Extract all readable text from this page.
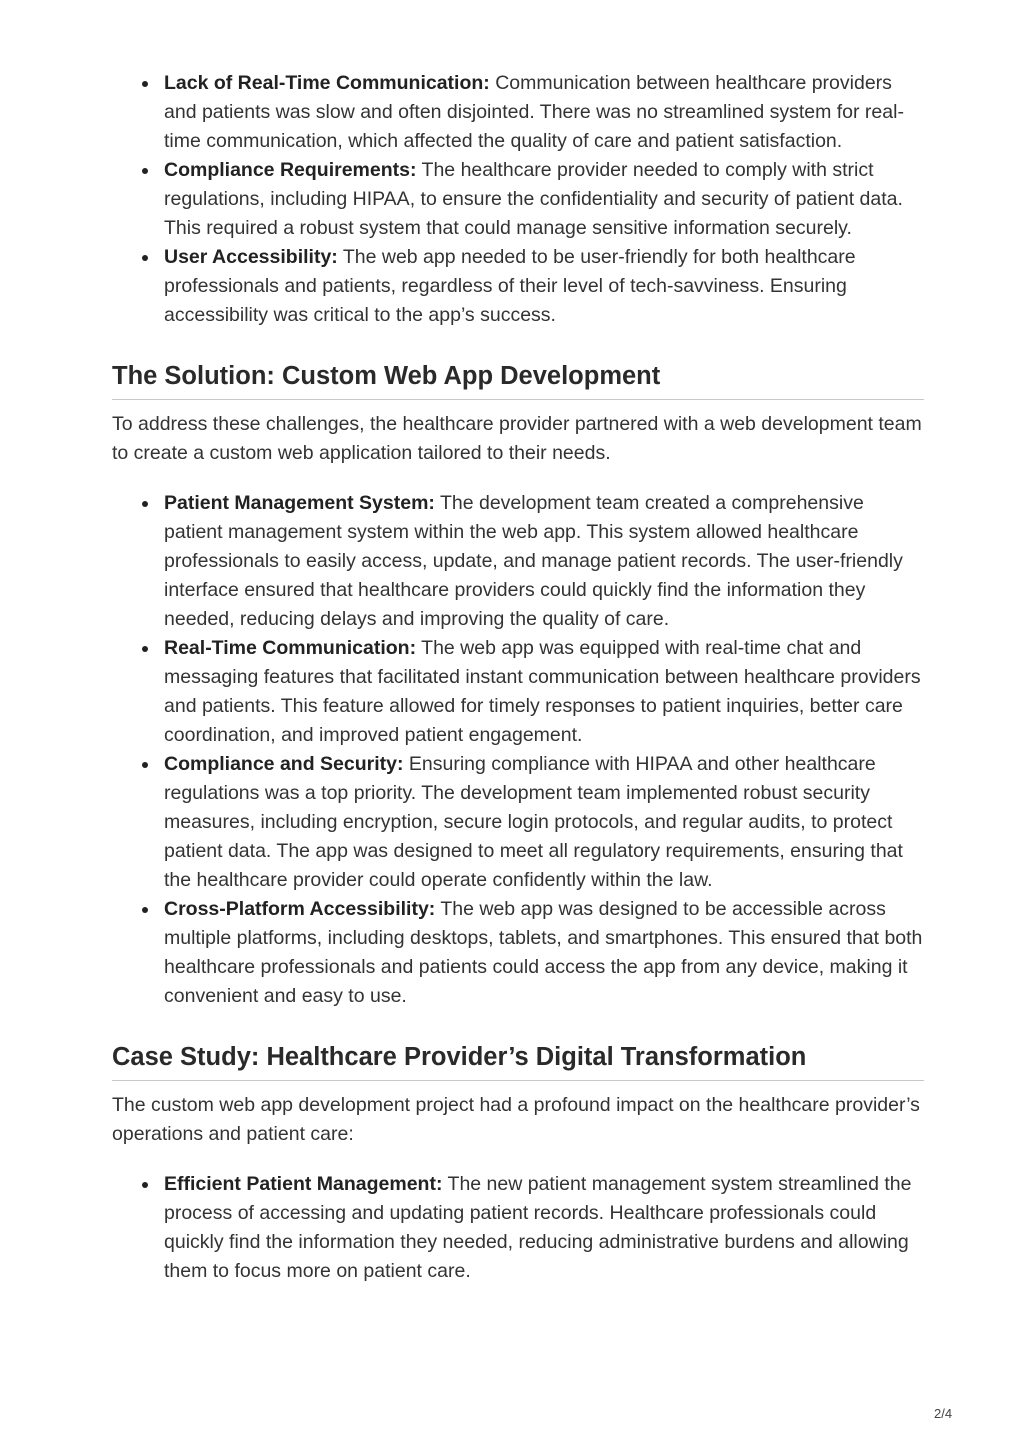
Lack of Real-Time Communication: Communication between healthcare providers and patients was slow and often disjointed. There was no streamlined system for real-time communication, which affected the quality of care and patient satisfaction.
Compliance Requirements: The healthcare provider needed to comply with strict regulations, including HIPAA, to ensure the confidentiality and security of patient data. This required a robust system that could manage sensitive information securely.
User Accessibility: The web app needed to be user-friendly for both healthcare professionals and patients, regardless of their level of tech-savviness. Ensuring accessibility was critical to the app’s success.
The Solution: Custom Web App Development

To address these challenges, the healthcare provider partnered with a web development team to create a custom web application tailored to their needs.

Patient Management System: The development team created a comprehensive patient management system within the web app. This system allowed healthcare professionals to easily access, update, and manage patient records. The user-friendly interface ensured that healthcare providers could quickly find the information they needed, reducing delays and improving the quality of care.
Real-Time Communication: The web app was equipped with real-time chat and messaging features that facilitated instant communication between healthcare providers and patients. This feature allowed for timely responses to patient inquiries, better care coordination, and improved patient engagement.
Compliance and Security: Ensuring compliance with HIPAA and other healthcare regulations was a top priority. The development team implemented robust security measures, including encryption, secure login protocols, and regular audits, to protect patient data. The app was designed to meet all regulatory requirements, ensuring that the healthcare provider could operate confidently within the law.
Cross-Platform Accessibility: The web app was designed to be accessible across multiple platforms, including desktops, tablets, and smartphones. This ensured that both healthcare professionals and patients could access the app from any device, making it convenient and easy to use.
Case Study: Healthcare Provider’s Digital Transformation

The custom web app development project had a profound impact on the healthcare provider’s operations and patient care:

Efficient Patient Management: The new patient management system streamlined the process of accessing and updating patient records. Healthcare professionals could quickly find the information they needed, reducing administrative burdens and allowing them to focus more on patient care.
2/4
